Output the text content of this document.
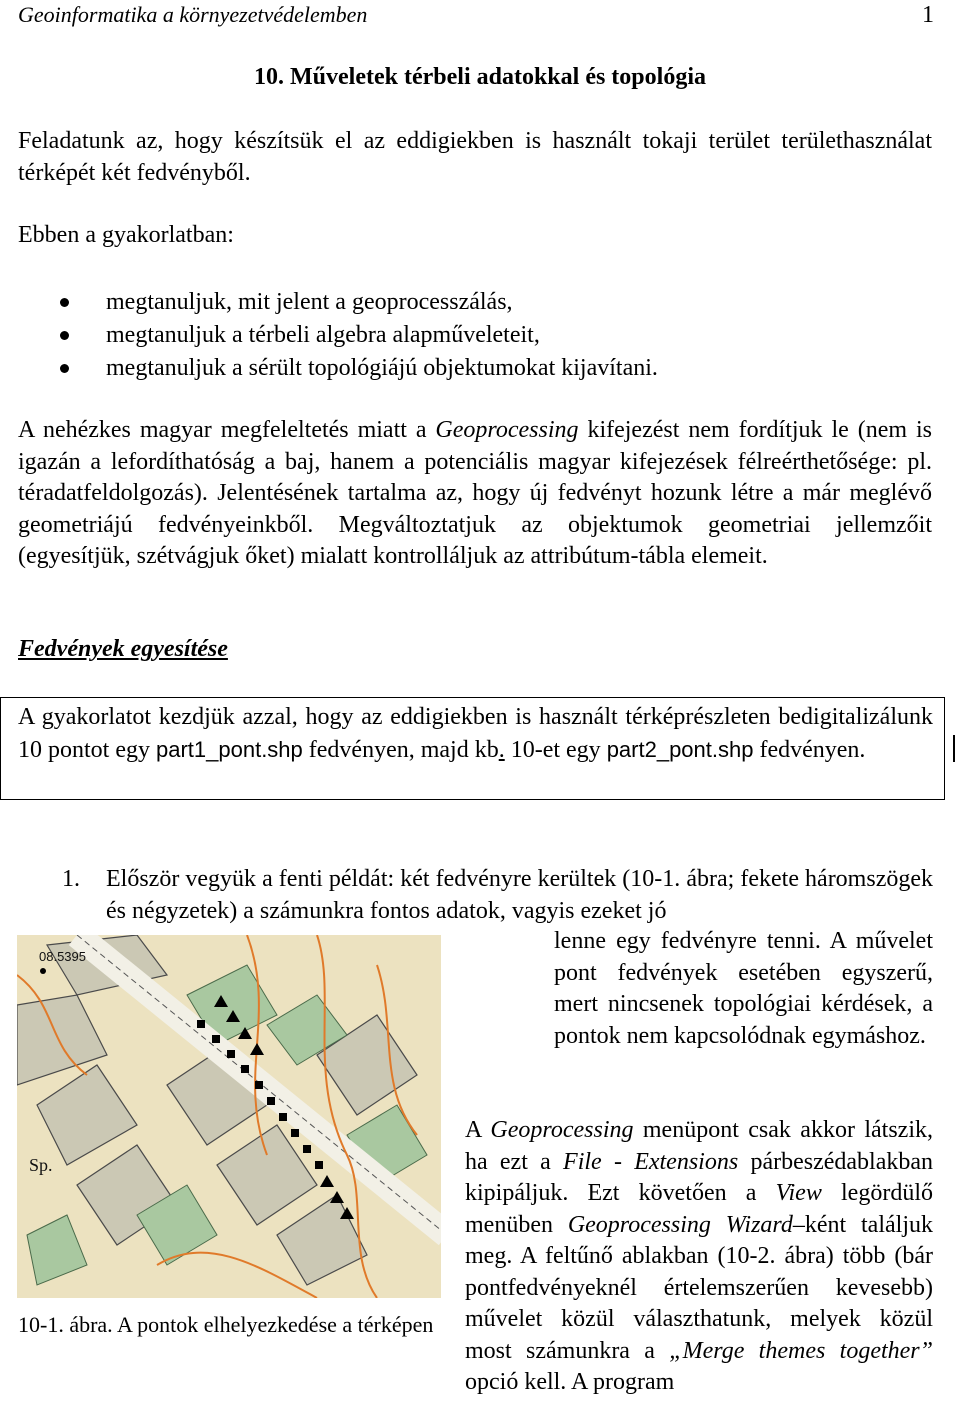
Geoinformatika a környezetvédelemben	1
10. Műveletek térbeli adatokkal és topológia
Feladatunk az, hogy készítsük el az eddigiekben is használt tokaji terület területhasználat térképét két fedvényből.
Ebben a gyakorlatban:
megtanuljuk, mit jelent a geoprocesszálás,
megtanuljuk a térbeli algebra alapműveleteit,
megtanuljuk a sérült topológiájú objektumokat kijavítani.
A nehézkes magyar megfeleltetés miatt a Geoprocessing kifejezést nem fordítjuk le (nem is igazán a lefordíthatóság a baj, hanem a potenciális magyar kifejezések félreérthetősége: pl. téradatfeldolgozás). Jelentésének tartalma az, hogy új fedvényt hozunk létre a már meglévő geometriájú fedvényeinkből. Megváltoztatjuk az objektumok geometriai jellemzőit (egyesítjük, szétvágjuk őket) mialatt kontrolláljuk az attribútum-tábla elemeit.
Fedvények egyesítése
A gyakorlatot kezdjük azzal, hogy az eddigiekben is használt térképrészleten bedigitalizálunk 10 pontot egy part1_pont.shp fedvényen, majd kb. 10-et egy part2_pont.shp fedvényen.
1. Először vegyük a fenti példát: két fedvényre kerültek (10-1. ábra; fekete háromszögek és négyzetek) a számunkra fontos adatok, vagyis ezeket jó
lenne egy fedvényre tenni. A művelet pont fedvények esetében egyszerű, mert nincsenek topológiai kérdések, a pontok nem kapcsolódnak egymáshoz.
08.5395
Sp.
10-1. ábra. A pontok elhelyezkedése a térképen
A Geoprocessing menüpont csak akkor látszik, ha ezt a File - Extensions párbeszédablakban kipipáljuk. Ezt követően a View legördülő menüben Geoprocessing Wizard–ként találjuk meg. A feltűnő ablakban (10-2. ábra) több (bár pontfedvényeknél értelemszerűen kevesebb) művelet közül választhatunk, melyek közül most számunkra a „Merge themes together” opció kell. A program
